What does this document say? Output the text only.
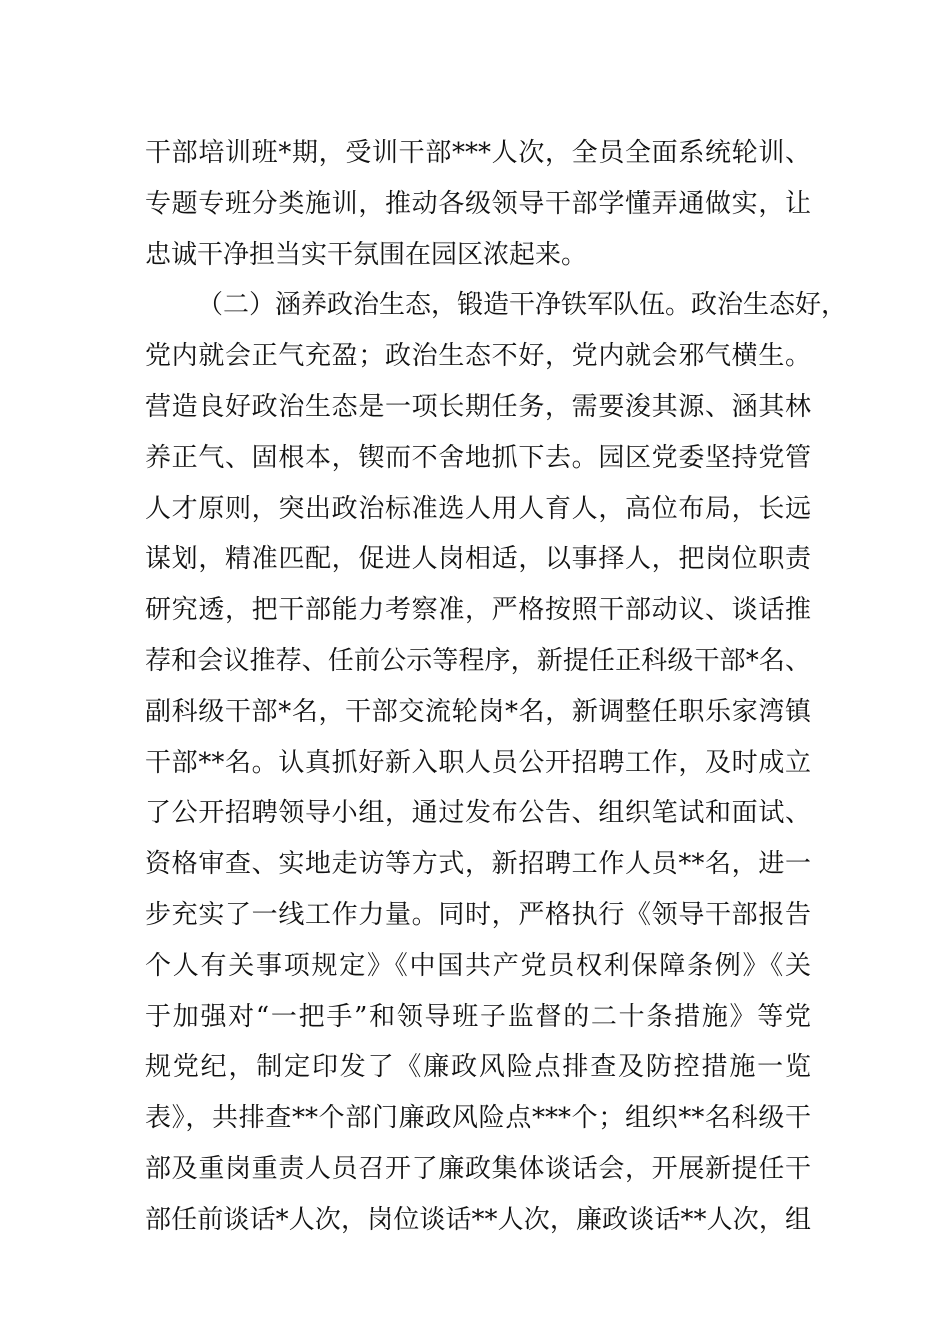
干部培训班*期，受训干部***人次，全员全面系统轮训、
专题专班分类施训，推动各级领导干部学懂弄通做实，让
忠诚干净担当实干氛围在园区浓起来。
（二）涵养政治生态，锻造干净铁军队伍。政治生态好，
党内就会正气充盈；政治生态不好，党内就会邪气横生。
营造良好政治生态是一项长期任务，需要浚其源、涵其林
养正气、固根本，锲而不舍地抓下去。园区党委坚持党管
人才原则，突出政治标准选人用人育人，高位布局，长远
谋划，精准匹配，促进人岗相适，以事择人，把岗位职责
研究透，把干部能力考察准，严格按照干部动议、谈话推
荐和会议推荐、任前公示等程序，新提任正科级干部*名、
副科级干部*名，干部交流轮岗*名，新调整任职乐家湾镇
干部**名。认真抓好新入职人员公开招聘工作，及时成立
了公开招聘领导小组，通过发布公告、组织笔试和面试、
资格审查、实地走访等方式，新招聘工作人员**名，进一
步充实了一线工作力量。同时，严格执行《领导干部报告
个人有关事项规定》《中国共产党员权利保障条例》《关
于加强对“一把手”和领导班子监督的二十条措施》等党
规党纪，制定印发了《廉政风险点排查及防控措施一览
表》，共排查**个部门廉政风险点***个；组织**名科级干
部及重岗重责人员召开了廉政集体谈话会，开展新提任干
部任前谈话*人次，岗位谈话**人次，廉政谈话**人次，组
